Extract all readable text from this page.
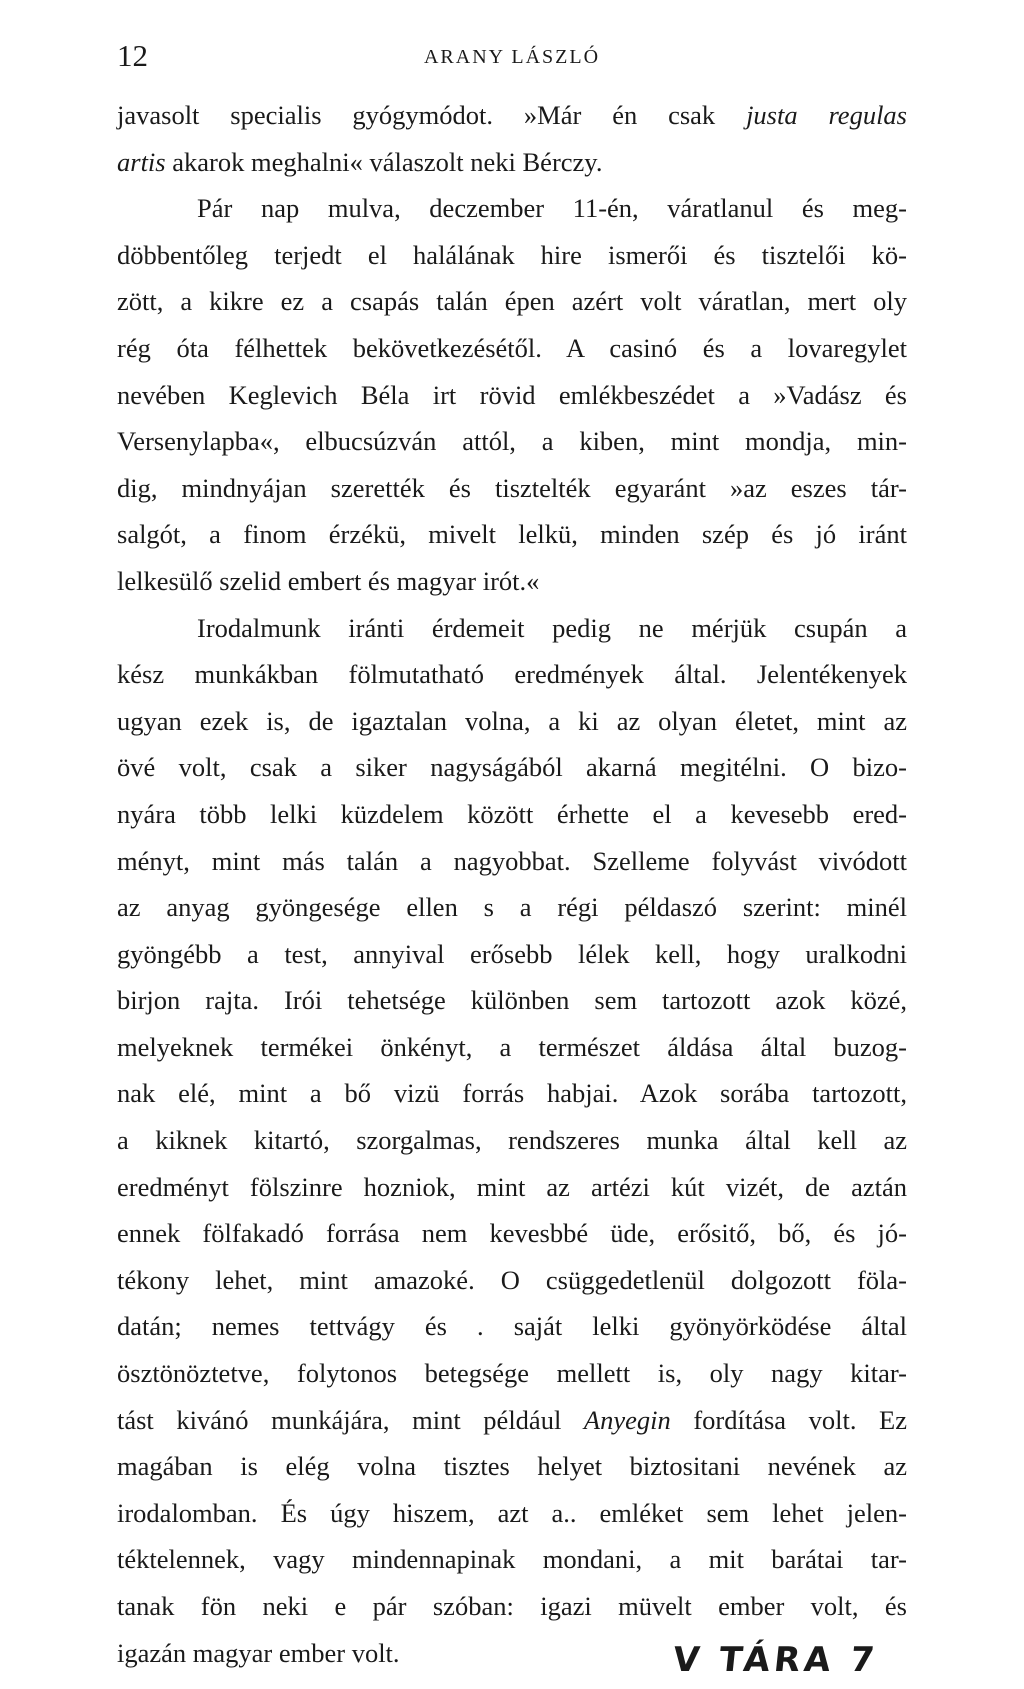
12	ARANY LÁSZLÓ
javasolt specialis gyógymódot. »Már én csak justa regulas
artis akarok meghalni« válaszolt neki Bérczy.
Pár nap mulva, deczember 11-én, váratlanul és meg-
döbbentőleg terjedt el halálának hire ismerői és tisztelői kö-
zött, a kikre ez a csapás talán épen azért volt váratlan, mert oly
rég óta félhettek bekövetkezésétől. A casinó és a lovaregylet
nevében Keglevich Béla irt rövid emlékbeszédet a »Vadász és
Versenylapba«, elbucsúzván attól, a kiben, mint mondja, min-
dig, mindnyájan szerették és tisztelték egyaránt »az eszes tár-
salgót, a finom érzékü, mivelt lelkü, minden szép és jó iránt
lelkesülő szelid embert és magyar irót.«
Irodalmunk iránti érdemeit pedig ne mérjük csupán a
kész munkákban fölmutatható eredmények által. Jelentékenyek
ugyan ezek is, de igaztalan volna, a ki az olyan életet, mint az
övé volt, csak a siker nagyságából akarná megitélni. O bizo-
nyára több lelki küzdelem között érhette el a kevesebb ered-
ményt, mint más talán a nagyobbat. Szelleme folyvást vivódott
az anyag gyöngesége ellen s a régi példaszó szerint: minél
gyöngébb a test, annyival erősebb lélek kell, hogy uralkodni
birjon rajta. Irói tehetsége különben sem tartozott azok közé,
melyeknek termékei önkényt, a természet áldása által buzog-
nak elé, mint a bő vizü forrás habjai. Azok sorába tartozott,
a kiknek kitartó, szorgalmas, rendszeres munka által kell az
eredményt fölszinre hozniok, mint az artézi kút vizét, de aztán
ennek fölfakadó forrása nem kevesbbé üde, erősitő, bő, és jó-
tékony lehet, mint amazoké. O csüggedetlenül dolgozott föla-
datán; nemes tettvágy és . saját lelki gyönyörködése által
ösztönöztetve, folytonos betegsége mellett is, oly nagy kitar-
tást kivánó munkájára, mint például Anyegin fordítása volt. Ez
magában is elég volna tisztes helyet biztositani nevének az
irodalomban. És úgy hiszem, azt a.. emléket sem lehet jelen-
téktelennek, vagy mindennapinak mondani, a mit barátai tar-
tanak fön neki e pár szóban: igazi müvelt ember volt, és
igazán magyar ember volt.	V TÁRA 7
